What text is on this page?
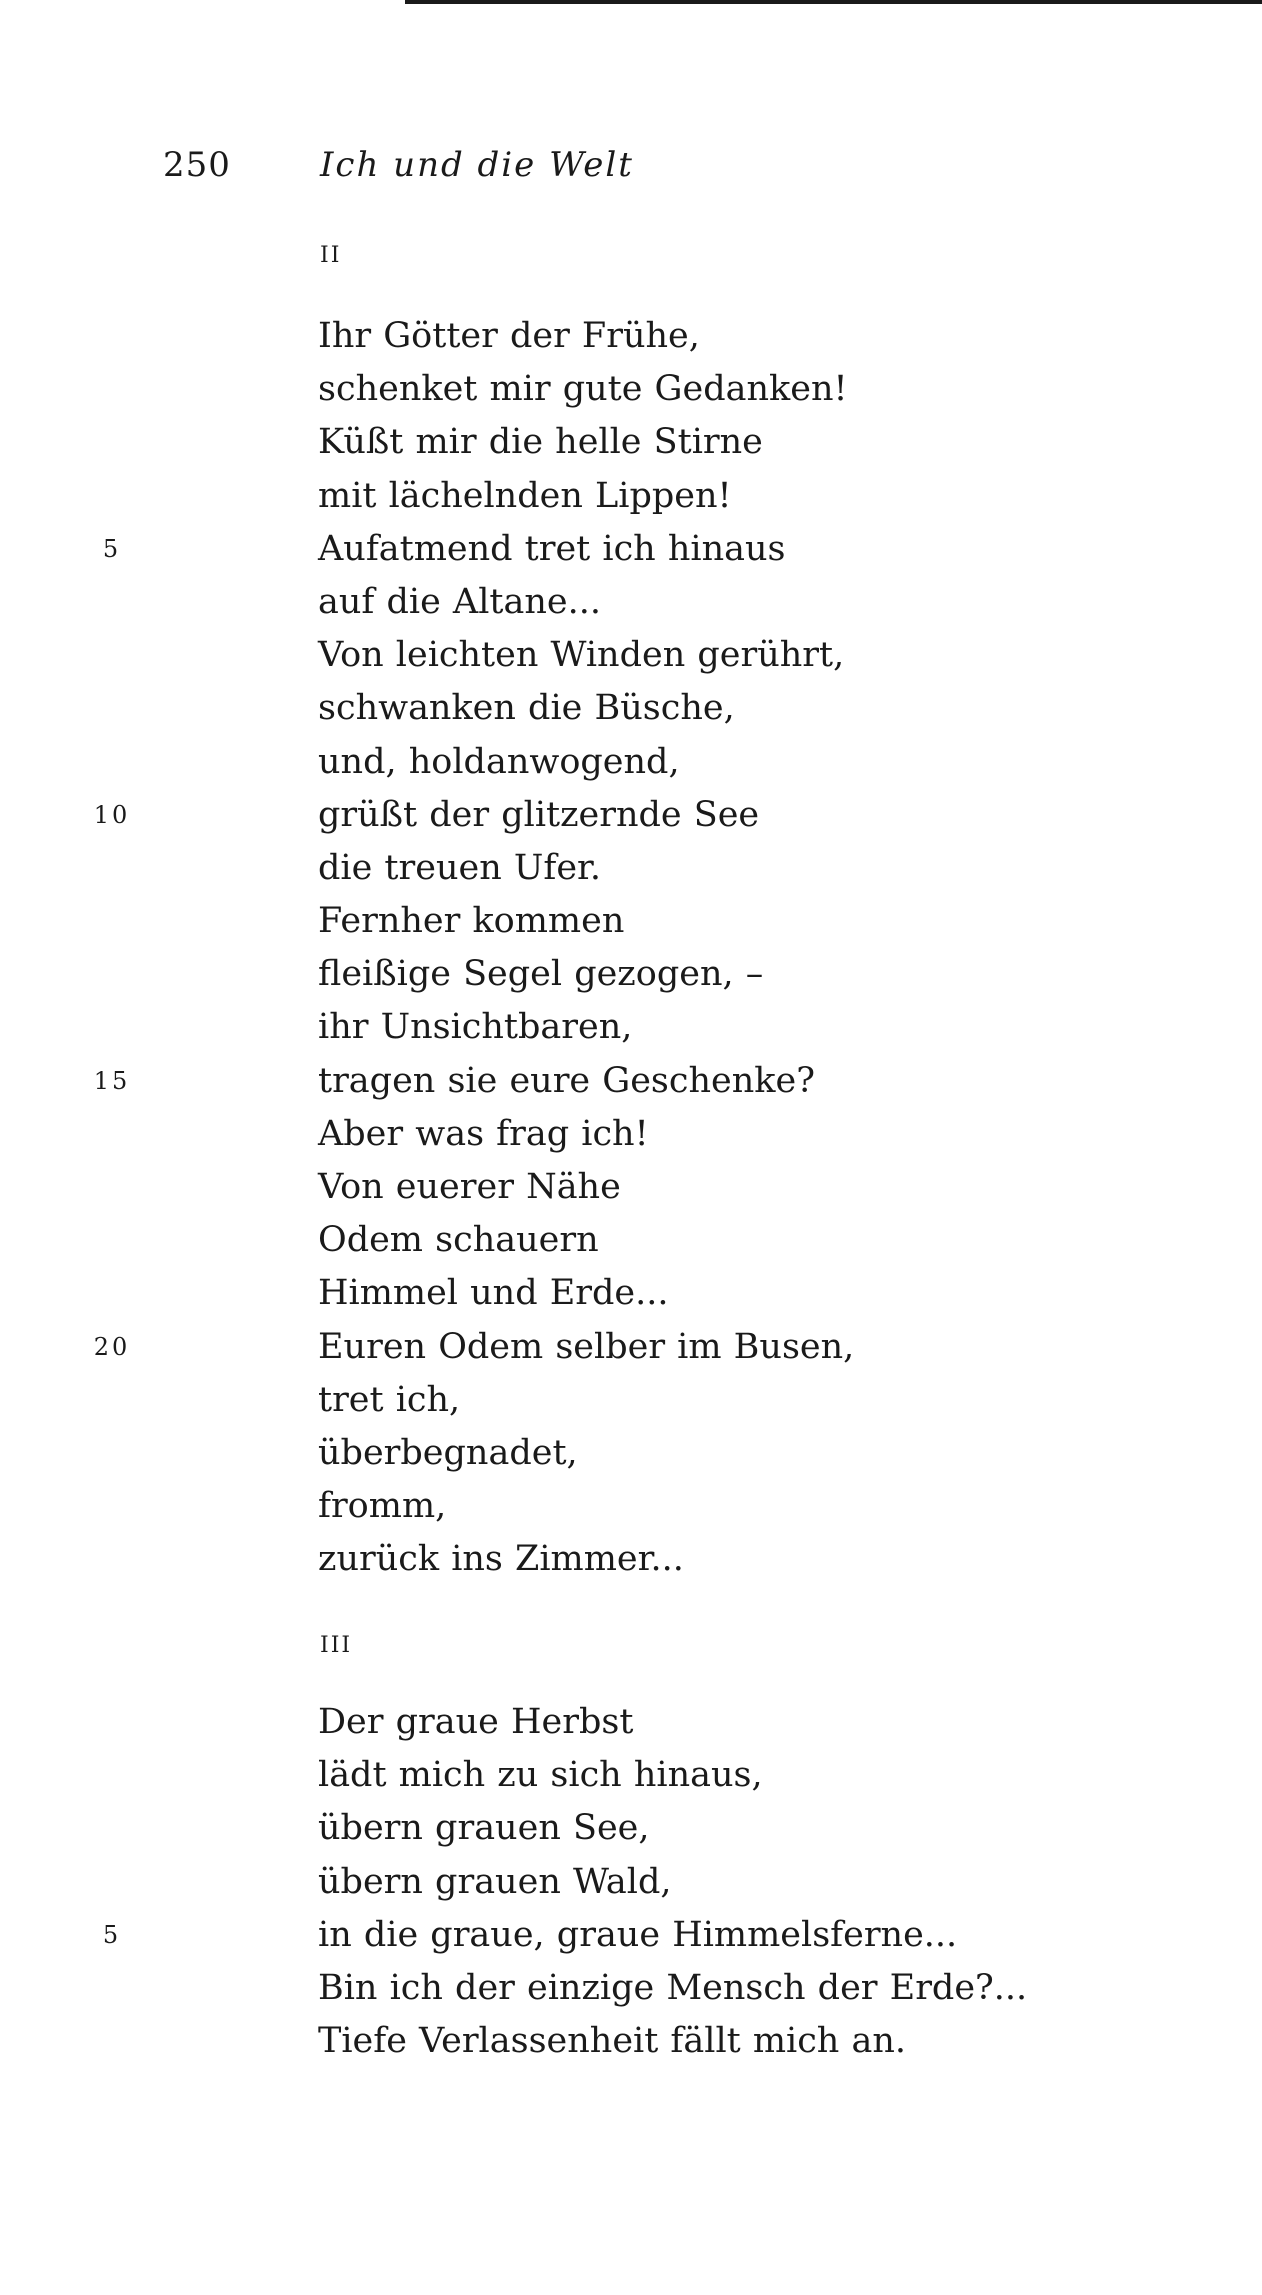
250	Ich und die Welt
II
Ihr Götter der Frühe,
schenket mir gute Gedanken!
Küßt mir die helle Stirne
mit lächelnden Lippen!
5	Aufatmend tret ich hinaus
auf die Altane...
Von leichten Winden gerührt,
schwanken die Büsche,
und, holdanwogend,
10	grüßt der glitzernde See
die treuen Ufer.
Fernher kommen
fleißige Segel gezogen, –
ihr Unsichtbaren,
15	tragen sie eure Geschenke?
Aber was frag ich!
Von euerer Nähe
Odem schauern
Himmel und Erde...
20	Euren Odem selber im Busen,
tret ich,
überbegnadet,
fromm,
zurück ins Zimmer...
III
Der graue Herbst
lädt mich zu sich hinaus,
übern grauen See,
übern grauen Wald,
5	in die graue, graue Himmelsferne...
Bin ich der einzige Mensch der Erde?...
Tiefe Verlassenheit fällt mich an.
